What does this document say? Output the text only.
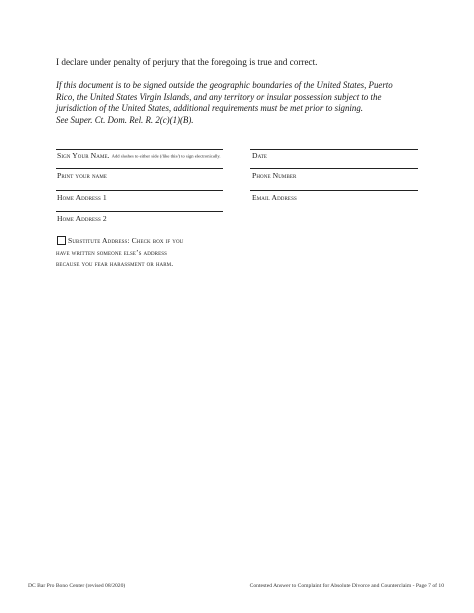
I declare under penalty of perjury that the foregoing is true and correct.

If this document is to be signed outside the geographic boundaries of the United States, Puerto

Rico, the United States Virgin Islands, and any territory or insular possession subject to the

jurisdiction of the United States, additional requirements must be met prior to signing.

See Super. Ct. Dom. Rel. R. 2(c)(1)(B).

Sign Your Name. Add slashes to either side (/like this/) to sign electronically.	Date
Print your name	Phone Number
Home Address 1	Email Address
Home Address 2
Substitute Address: Check box if you
have written someone else’s address
because you fear harassment or harm.
DC Bar Pro Bono Center (revised 08/2020)	Contested Answer to Complaint for Absolute Divorce and Counterclaim - Page 7 of 10
